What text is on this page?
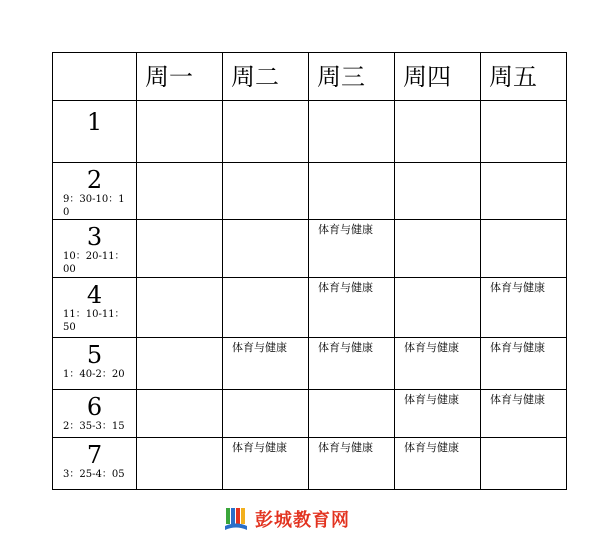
	周一	周二	周三	周四	周五

1					

2
9：30-10：10					

3
10：20-11：00			体育与健康		

4
11：10-11：50			体育与健康		体育与健康

5
1：40-2：20		体育与健康	体育与健康	体育与健康	体育与健康

6
2：35-3：15				体育与健康	体育与健康

7
3：25-4：05		体育与健康	体育与健康	体育与健康	

彭城教育网
